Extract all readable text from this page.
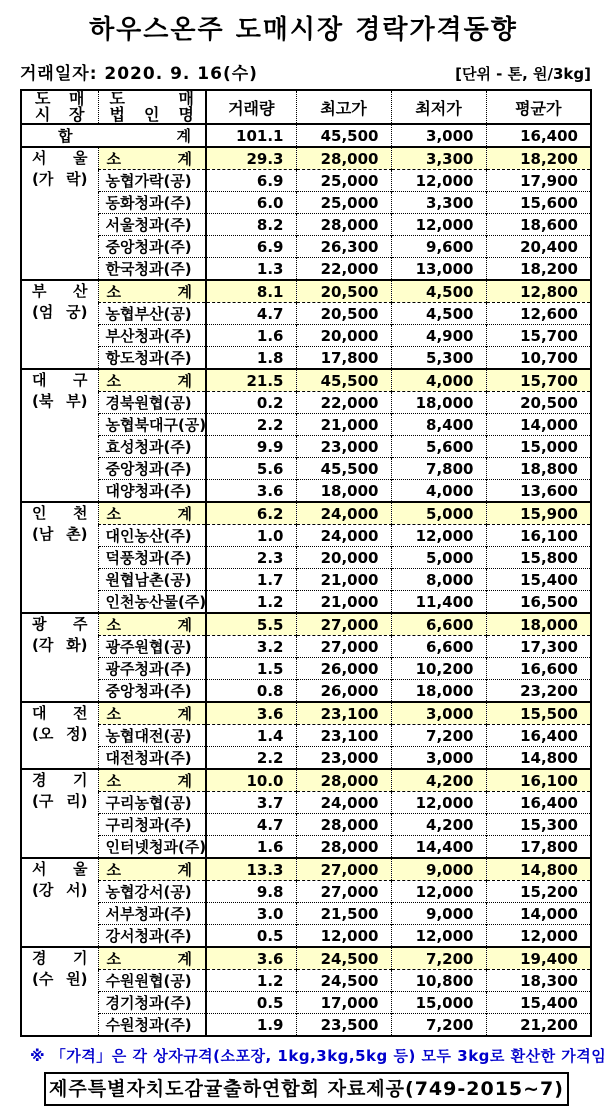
하우스온주 도매시장 경락가격동향
거래일자: 2020. 9. 16(수)	[단위 - 톤, 원/3kg]
도 매
시 장	도 매
법 인 명	거래량	최고가	최저가	평균가
합 계		101.1	45,500	3,000	16,400

서 울
(가 락)	소 계	29.3	28,000	3,300	18,200
	농협가락(공)	6.9	25,000	12,000	17,900
	동화청과(주)	6.0	25,000	3,300	15,600
	서울청과(주)	8.2	28,000	12,000	18,600
	중앙청과(주)	6.9	26,300	9,600	20,400
	한국청과(주)	1.3	22,000	13,000	18,200

부 산
(엄 궁)	소 계	8.1	20,500	4,500	12,800
	농협부산(공)	4.7	20,500	4,500	12,600
	부산청과(주)	1.6	20,000	4,900	15,700
	항도청과(주)	1.8	17,800	5,300	10,700

대 구
(북 부)	소 계	21.5	45,500	4,000	15,700
	경북원협(공)	0.2	22,000	18,000	20,500
	농협북대구(공)	2.2	21,000	8,400	14,000
	효성청과(주)	9.9	23,000	5,600	15,000
	중앙청과(주)	5.6	45,500	7,800	18,800
	대양청과(주)	3.6	18,000	4,000	13,600

인 천
(남 촌)	소 계	6.2	24,000	5,000	15,900
	대인농산(주)	1.0	24,000	12,000	16,100
	덕풍청과(주)	2.3	20,000	5,000	15,800
	원협남촌(공)	1.7	21,000	8,000	15,400
	인천농산물(주)	1.2	21,000	11,400	16,500

광 주
(각 화)	소 계	5.5	27,000	6,600	18,000
	광주원협(공)	3.2	27,000	6,600	17,300
	광주청과(주)	1.5	26,000	10,200	16,600
	중앙청과(주)	0.8	26,000	18,000	23,200

대 전
(오 정)	소 계	3.6	23,100	3,000	15,500
	농협대전(공)	1.4	23,100	7,200	16,400
	대전청과(주)	2.2	23,000	3,000	14,800

경 기
(구 리)	소 계	10.0	28,000	4,200	16,100
	구리농협(공)	3.7	24,000	12,000	16,400
	구리청과(주)	4.7	28,000	4,200	15,300
	인터넷청과(주)	1.6	28,000	14,400	17,800

서 울
(강 서)	소 계	13.3	27,000	9,000	14,800
	농협강서(공)	9.8	27,000	12,000	15,200
	서부청과(주)	3.0	21,500	9,000	14,000
	강서청과(주)	0.5	12,000	12,000	12,000

경 기
(수 원)	소 계	3.6	24,500	7,200	19,400
	수원원협(공)	1.2	24,500	10,800	18,300
	경기청과(주)	0.5	17,000	15,000	15,400
	수원청과(주)	1.9	23,500	7,200	21,200
※ 「가격」은 각 상자규격(소포장, 1kg,3kg,5kg 등) 모두 3kg로 환산한 가격임
제주특별자치도감귤출하연합회 자료제공(749-2015~7)
